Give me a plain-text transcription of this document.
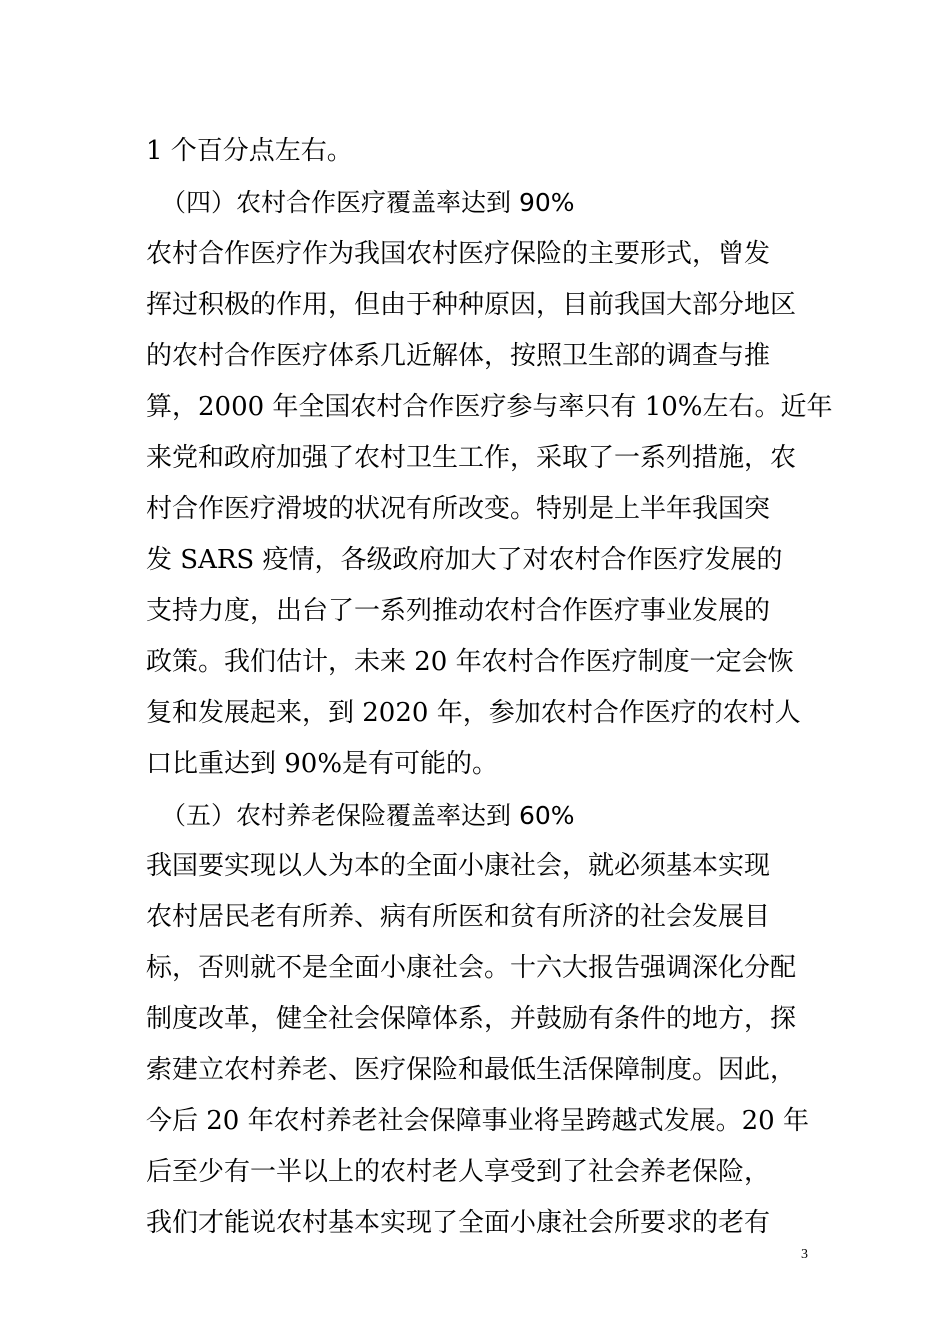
1 个百分点左右。
（四）农村合作医疗覆盖率达到 90%
农村合作医疗作为我国农村医疗保险的主要形式，曾发
挥过积极的作用，但由于种种原因，目前我国大部分地区
的农村合作医疗体系几近解体，按照卫生部的调查与推
算，2000 年全国农村合作医疗参与率只有 10%左右。近年
来党和政府加强了农村卫生工作，采取了一系列措施，农
村合作医疗滑坡的状况有所改变。特别是上半年我国突
发 SARS 疫情，各级政府加大了对农村合作医疗发展的
支持力度，出台了一系列推动农村合作医疗事业发展的
政策。我们估计，未来 20 年农村合作医疗制度一定会恢
复和发展起来，到 2020 年，参加农村合作医疗的农村人
口比重达到 90%是有可能的。
（五）农村养老保险覆盖率达到 60%
我国要实现以人为本的全面小康社会，就必须基本实现
农村居民老有所养、病有所医和贫有所济的社会发展目
标，否则就不是全面小康社会。十六大报告强调深化分配
制度改革，健全社会保障体系，并鼓励有条件的地方，探
索建立农村养老、医疗保险和最低生活保障制度。因此，
今后 20 年农村养老社会保障事业将呈跨越式发展。20 年
后至少有一半以上的农村老人享受到了社会养老保险，
我们才能说农村基本实现了全面小康社会所要求的老有
3
